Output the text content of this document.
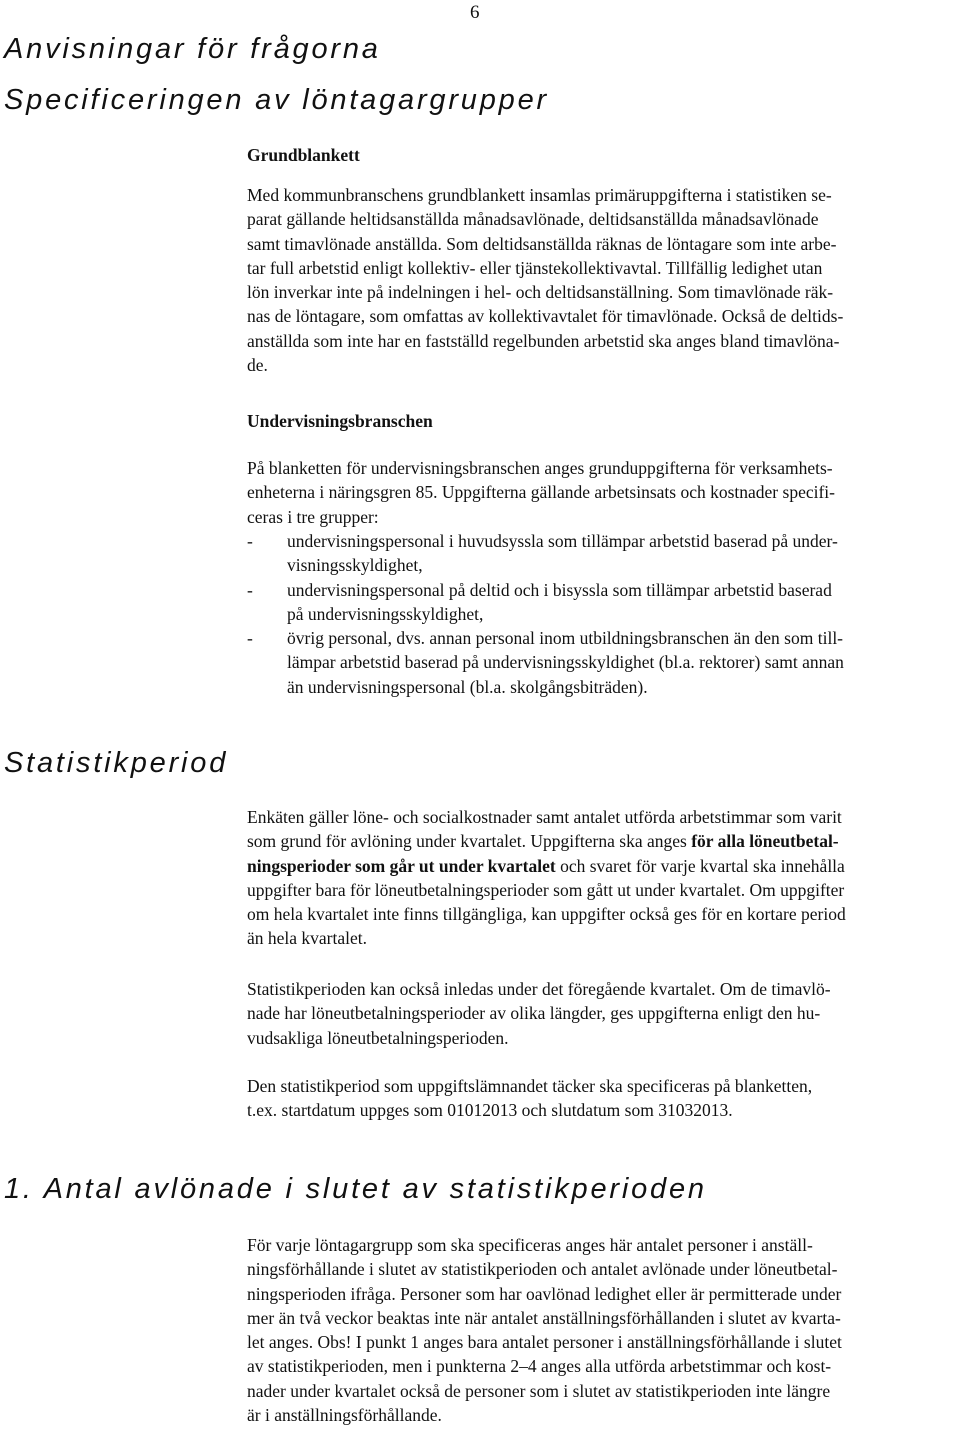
6
Anvisningar för frågorna
Specificeringen av löntagargrupper
Grundblankett
Med kommunbranschens grundblankett insamlas primäruppgifterna i statistiken se-
parat gällande heltidsanställda månadsavlönade, deltidsanställda månadsavlönade
samt timavlönade anställda. Som deltidsanställda räknas de löntagare som inte arbe-
tar full arbetstid enligt kollektiv- eller tjänstekollektivavtal. Tillfällig ledighet utan
lön inverkar inte på indelningen i hel- och deltidsanställning. Som timavlönade räk-
nas de löntagare, som omfattas av kollektivavtalet för timavlönade. Också de deltids-
anställda som inte har en fastställd regelbunden arbetstid ska anges bland timavlöna-
de.
Undervisningsbranschen
På blanketten för undervisningsbranschen anges grunduppgifterna för verksamhets-
enheterna i näringsgren 85. Uppgifterna gällande arbetsinsats och kostnader specifi-
ceras i tre grupper:
- undervisningspersonal i huvudsyssla som tillämpar arbetstid baserad på under-
visningsskyldighet,
- undervisningspersonal på deltid och i bisyssla som tillämpar arbetstid baserad
på undervisningsskyldighet,
- övrig personal, dvs. annan personal inom utbildningsbranschen än den som till-
lämpar arbetstid baserad på undervisningsskyldighet (bl.a. rektorer) samt annan
än undervisningspersonal (bl.a. skolgångsbiträden).
Statistikperiod
Enkäten gäller löne- och socialkostnader samt antalet utförda arbetstimmar som varit
som grund för avlöning under kvartalet. Uppgifterna ska anges för alla löneutbetal-
ningsperioder som går ut under kvartalet och svaret för varje kvartal ska innehålla
uppgifter bara för löneutbetalningsperioder som gått ut under kvartalet. Om uppgifter
om hela kvartalet inte finns tillgängliga, kan uppgifter också ges för en kortare period
än hela kvartalet.
Statistikperioden kan också inledas under det föregående kvartalet. Om de timavlö-
nade har löneutbetalningsperioder av olika längder, ges uppgifterna enligt den hu-
vudsakliga löneutbetalningsperioden.
Den statistikperiod som uppgiftslämnandet täcker ska specificeras på blanketten,
t.ex. startdatum uppges som 01012013 och slutdatum som 31032013.
1. Antal avlönade i slutet av statistikperioden
För varje löntagargrupp som ska specificeras anges här antalet personer i anställ-
ningsförhållande i slutet av statistikperioden och antalet avlönade under löneutbetal-
ningsperioden ifråga. Personer som har oavlönad ledighet eller är permitterade under
mer än två veckor beaktas inte när antalet anställningsförhållanden i slutet av kvarta-
let anges. Obs! I punkt 1 anges bara antalet personer i anställningsförhållande i slutet
av statistikperioden, men i punkterna 2–4 anges alla utförda arbetstimmar och kost-
nader under kvartalet också de personer som i slutet av statistikperioden inte längre
är i anställningsförhållande.
